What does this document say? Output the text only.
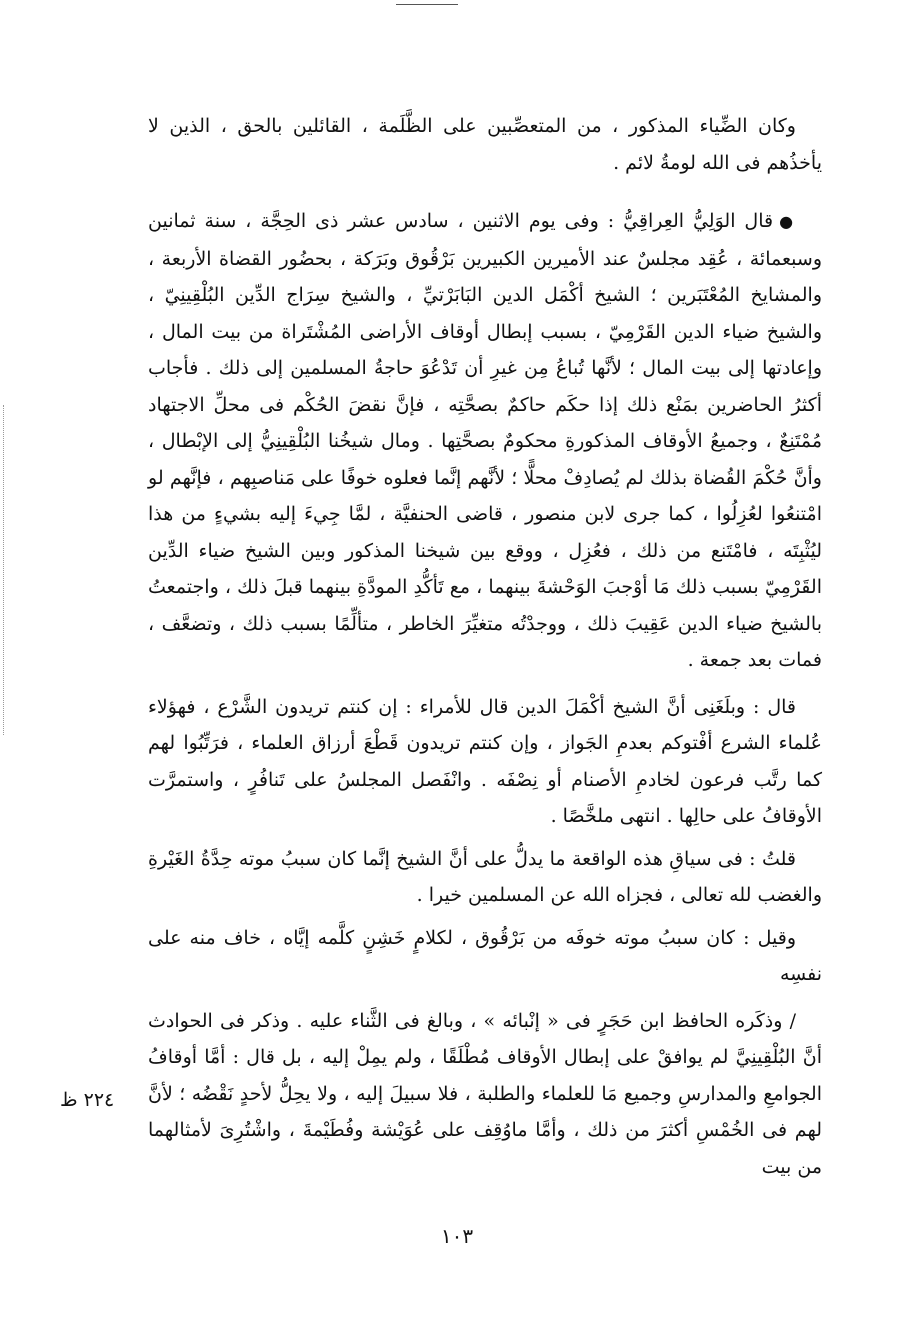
وكان الضِّياء المذكور ، من المتعصِّبين على الظَّلَمة ، القائلين بالحق ، الذين لا يأخذُهم فى الله لومةُ لائم .

●قال الوَلِيُّ العِراقِيُّ : وفى يوم الاثنين ، سادس عشر ذى الحِجَّة ، سنة ثمانين وسبعمائة ، عُقِد مجلسٌ عند الأميرين الكبيرين بَرْقُوق وبَرَكة ، بحضُور القضاة الأربعة ، والمشايخ المُعْتَبَرين ؛ الشيخ أكْمَل الدين البَابَرْتيِّ ، والشيخ سِرَاج الدِّين البُلْقِينِيّ ، والشيخ ضياء الدين القَرْمِيّ ، بسبب إبطال أوقاف الأراضى المُشْتَراة من بيت المال ، وإعادتها إلى بيت المال ؛ لأنَّها تُباعُ مِن غيرِ أن تَدْعُوَ حاجةُ المسلمين إلى ذلك . فأجاب أكثرُ الحاضرين بمَنْع ذلك إذا حكَم حاكمٌ بصحَّتِه ، فإنَّ نقضَ الحُكْم فى محلِّ الاجتهاد مُمْتَنِعٌ ، وجميعُ الأوقاف المذكورةِ محكومٌ بصحَّتِها . ومال شيخُنا البُلْقِينِيُّ إلى الإبْطال ، وأنَّ حُكْمَ القُضاة بذلك لم يُصادِفْ محلًّا ؛ لأنَّهم إنَّما فعلوه خوفًا على مَناصبِهم ، فإنَّهم لو امْتنعُوا لعُزِلُوا ، كما جرى لابن منصور ، قاضى الحنفيَّة ، لمَّا جِيءَ إليه بشيءٍ من هذا ليُثْبِتَه ، فامْتَنع من ذلك ، فعُزِل ، ووقع بين شيخنا المذكور وبين الشيخ ضياء الدِّين القَرْمِيّ بسبب ذلك مَا أوْجبَ الوَحْشةَ بينهما ، مع تَأكُّدِ المودَّةِ بينهما قبلَ ذلك ، واجتمعتُ بالشيخ ضياء الدين عَقِيبَ ذلك ، ووجدْتُه متغيِّرَ الخاطر ، متألِّمًا بسبب ذلك ، وتضعَّف ، فمات بعد جمعة .

قال : وبلَغَنِى أنَّ الشيخ أكْمَلَ الدين قال للأمراء : إن كنتم تريدون الشَّرْع ، فهؤلاء عُلماء الشرع أفْتوكم بعدمِ الجَواز ، وإن كنتم تريدون قَطْعَ أرزاق العلماء ، فرَتِّبُوا لهم كما رتَّب فرعون لخادمِ الأصنام أو نِصْفَه . وانْفَصل المجلسُ على تَنافُرٍ ، واستمرَّت الأوقافُ على حالِها . انتهى ملخَّصًا .

قلتُ : فى سياقِ هذه الواقعة ما يدلُّ على أنَّ الشيخ إنَّما كان سببُ موته حِدَّةُ الغَيْرةِ والغضب لله تعالى ، فجزاه الله عن المسلمين خيرا .

وقيل : كان سببُ موته خوفَه من بَرْقُوق ، لكلامٍ خَشِنٍ كلَّمه إيَّاه ، خاف منه على نفسِه

/ وذكَره الحافظ ابن حَجَرٍ فى « إنْبائه » ، وبالغ فى الثَّناء عليه . وذكر فى الحوادث أنَّ البُلْقِينِيَّ لم يوافقْ على إبطال الأوقاف مُطْلَقًا ، ولم يمِلْ إليه ، بل قال : أمَّا أوقافُ الجوامعِ والمدارسِ وجميع مَا للعلماء والطلبة ، فلا سبيلَ إليه ، ولا يحِلُّ لأحدٍ نَقْضُه ؛ لأنَّ لهم فى الخُمْسِ أكثرَ من ذلك ، وأمَّا ماوُقِف على عُوَيْشة وفُطَيْمةَ ، واشْتُرِىَ لأمثالهما من بيت

٢٢٤ ظ
١٠٣
